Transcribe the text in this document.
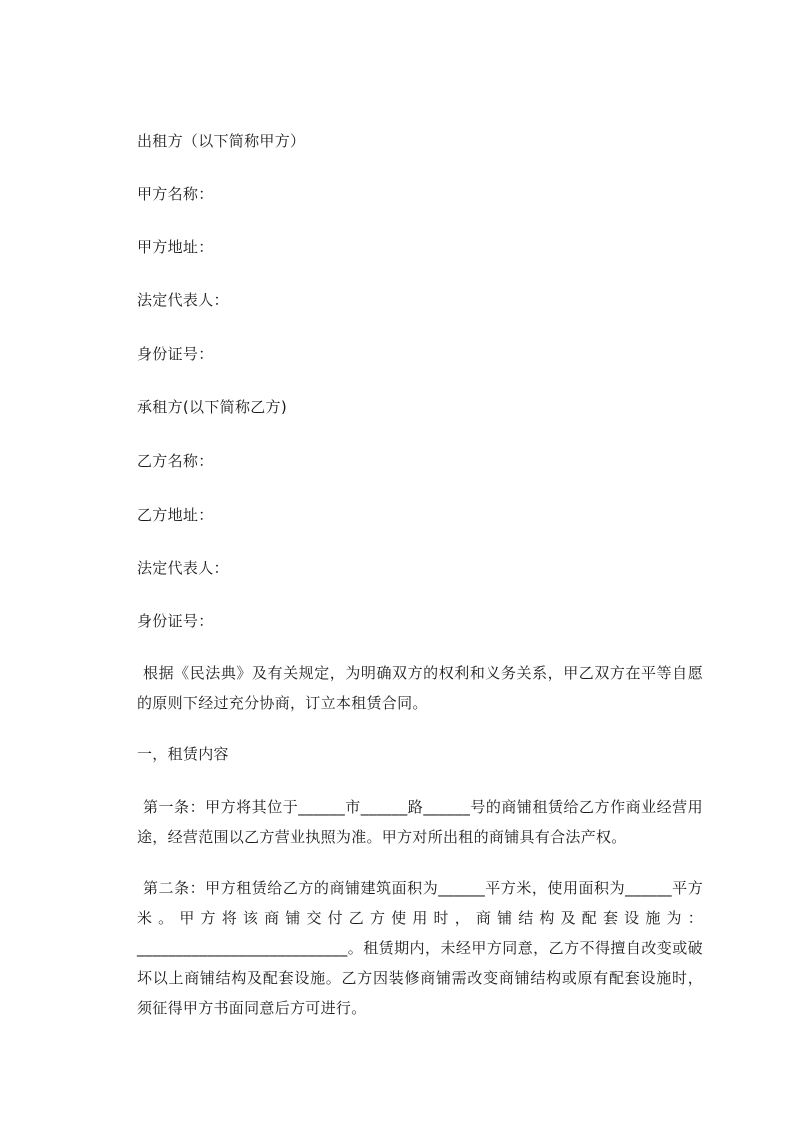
出租方（以下简称甲方）
甲方名称：
甲方地址：
法定代表人：
身份证号：
承租方(以下简称乙方)
乙方名称：
乙方地址：
法定代表人：
身份证号：
根据《民法典》及有关规定，为明确双方的权利和义务关系，甲乙双方在平等自愿的原则下经过充分协商，订立本租赁合同。
一，租赁内容
第一条：甲方将其位于______市______路______号的商铺租赁给乙方作商业经营用途，经营范围以乙方营业执照为准。甲方对所出租的商铺具有合法产权。
第二条：甲方租赁给乙方的商铺建筑面积为______平方米，使用面积为______平方米。甲方将该商铺交付乙方使用时，商铺结构及配套设施为：___________________________。租赁期内，未经甲方同意，乙方不得擅自改变或破坏以上商铺结构及配套设施。乙方因装修商铺需改变商铺结构或原有配套设施时，须征得甲方书面同意后方可进行。
